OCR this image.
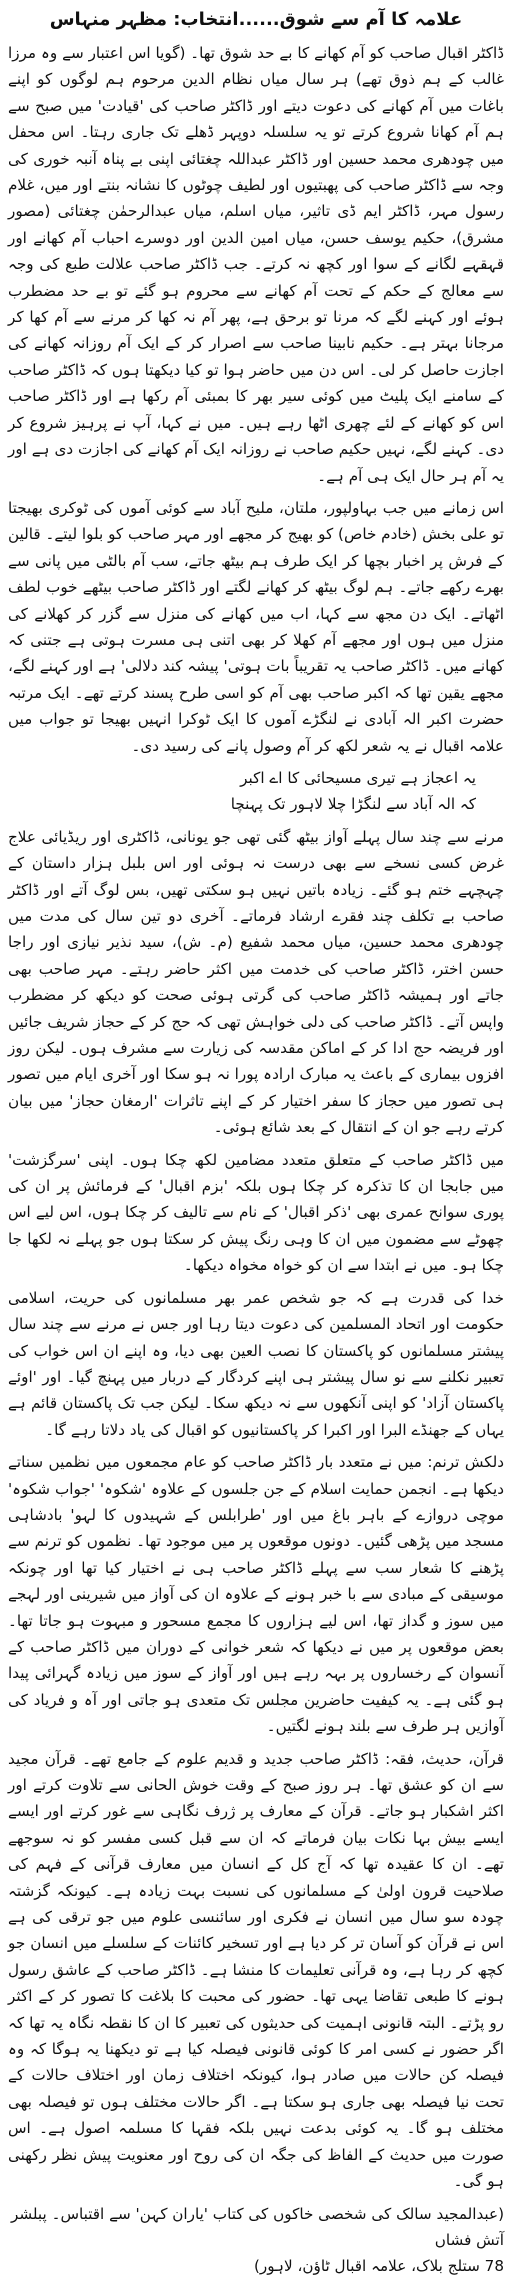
علامہ کا آم سے شوق......انتخاب: مظہر منہاس

ڈاکٹر اقبال صاحب کو آم کھانے کا بے حد شوق تھا۔ (گویا اس اعتبار سے وہ مرزا غالب کے ہم ذوق تھے) ہر سال میاں نظام الدین مرحوم ہم لوگوں کو اپنے باغات میں آم کھانے کی دعوت دیتے اور ڈاکٹر صاحب کی 'قیادت' میں صبح سے ہم آم کھانا شروع کرتے تو یہ سلسلہ دوپہر ڈھلے تک جاری رہتا۔ اس محفل میں چودھری محمد حسین اور ڈاکٹر عبداللہ چغتائی اپنی بے پناہ آنبہ خوری کی وجہ سے ڈاکٹر صاحب کی پھبتیوں اور لطیف چوٹوں کا نشانہ بنتے اور میں، غلام رسول مہر، ڈاکٹر ایم ڈی تاثیر، میاں اسلم، میاں عبدالرحمٰن چغتائی (مصور مشرق)، حکیم یوسف حسن، میاں امین الدین اور دوسرے احباب آم کھانے اور قہقہے لگانے کے سوا اور کچھ نہ کرتے۔ جب ڈاکٹر صاحب علالت طبع کی وجہ سے معالج کے حکم کے تحت آم کھانے سے محروم ہو گئے تو بے حد مضطرب ہوئے اور کہنے لگے کہ مرنا تو برحق ہے، پھر آم نہ کھا کر مرنے سے آم کھا کر مرجانا بہتر ہے۔ حکیم نابینا صاحب سے اصرار کر کے ایک آم روزانہ کھانے کی اجازت حاصل کر لی۔ اس دن میں حاضر ہوا تو کیا دیکھتا ہوں کہ ڈاکٹر صاحب کے سامنے ایک پلیٹ میں کوئی سیر بھر کا بمبئی آم رکھا ہے اور ڈاکٹر صاحب اس کو کھانے کے لئے چھری اٹھا رہے ہیں۔ میں نے کہا، آپ نے پرہیز شروع کر دی۔ کہنے لگے، نہیں حکیم صاحب نے روزانہ ایک آم کھانے کی اجازت دی ہے اور یہ آم ہر حال ایک ہی آم ہے۔

اس زمانے میں جب بہاولپور، ملتان، ملیح آباد سے کوئی آموں کی ٹوکری بھیجتا تو علی بخش (خادم خاص) کو بھیج کر مجھے اور مہر صاحب کو بلوا لیتے۔ قالین کے فرش پر اخبار بچھا کر ایک طرف ہم بیٹھ جاتے، سب آم بالٹی میں پانی سے بھرے رکھے جاتے۔ ہم لوگ بیٹھ کر کھانے لگتے اور ڈاکٹر صاحب بیٹھے خوب لطف اٹھاتے۔ ایک دن مجھ سے کہا، اب میں کھانے کی منزل سے گزر کر کھلانے کی منزل میں ہوں اور مجھے آم کھلا کر بھی اتنی ہی مسرت ہوتی ہے جتنی کہ کھانے میں۔ ڈاکٹر صاحب یہ تقریباً بات ہوتی' پیشہ کند دلالی' ہے اور کہنے لگے، مجھے یقین تھا کہ اکبر صاحب بھی آم کو اسی طرح پسند کرتے تھے۔ ایک مرتبہ حضرت اکبر الہ آبادی نے لنگڑے آموں کا ایک ٹوکرا انہیں بھیجا تو جواب میں علامہ اقبال نے یہ شعر لکھ کر آم وصول پانے کی رسید دی۔

یہ اعجاز ہے تیری مسیحائی کا اے اکبر
کہ الہ آباد سے لنگڑا چلا لاہور تک پہنچا

مرنے سے چند سال پہلے آواز بیٹھ گئی تھی جو یونانی، ڈاکٹری اور ریڈیائی علاج غرض کسی نسخے سے بھی درست نہ ہوئی اور اس بلبل ہزار داستان کے چہچہے ختم ہو گئے۔ زیادہ باتیں نہیں ہو سکتی تھیں، بس لوگ آتے اور ڈاکٹر صاحب بے تکلف چند فقرے ارشاد فرماتے۔ آخری دو تین سال کی مدت میں چودھری محمد حسین، میاں محمد شفیع (م۔ ش)، سید نذیر نیازی اور راجا حسن اختر، ڈاکٹر صاحب کی خدمت میں اکثر حاضر رہتے۔ مہر صاحب بھی جاتے اور ہمیشہ ڈاکٹر صاحب کی گرتی ہوئی صحت کو دیکھ کر مضطرب واپس آتے۔ ڈاکٹر صاحب کی دلی خواہش تھی کہ حج کر کے حجاز شریف جائیں اور فریضہ حج ادا کر کے اماکن مقدسہ کی زیارت سے مشرف ہوں۔ لیکن روز افزوں بیماری کے باعث یہ مبارک ارادہ پورا نہ ہو سکا اور آخری ایام میں تصور ہی تصور میں حجاز کا سفر اختیار کر کے اپنے تاثرات 'ارمغان حجاز' میں بیان کرتے رہے جو ان کے انتقال کے بعد شائع ہوئی۔

میں ڈاکٹر صاحب کے متعلق متعدد مضامین لکھ چکا ہوں۔ اپنی 'سرگزشت' میں جابجا ان کا تذکرہ کر چکا ہوں بلکہ 'بزم اقبال' کے فرمائش پر ان کی پوری سوانح عمری بھی 'ذکر اقبال' کے نام سے تالیف کر چکا ہوں، اس لیے اس چھوٹے سے مضمون میں ان کا وہی رنگ پیش کر سکتا ہوں جو پہلے نہ لکھا جا چکا ہو۔ میں نے ابتدا سے ان کو خواہ مخواہ دیکھا۔

خدا کی قدرت ہے کہ جو شخص عمر بھر مسلمانوں کی حریت، اسلامی حکومت اور اتحاد المسلمین کی دعوت دیتا رہا اور جس نے مرنے سے چند سال پیشتر مسلمانوں کو پاکستان کا نصب العین بھی دیا، وہ اپنے ان اس خواب کی تعبیر نکلنے سے نو سال پیشتر ہی اپنے کردگار کے دربار میں پہنچ گیا۔ اور 'اوئے پاکستان آزاد' کو اپنی آنکھوں سے نہ دیکھ سکا۔ لیکن جب تک پاکستان قائم ہے یہاں کے جھنڈے البرا اور اکبرا کر پاکستانیوں کو اقبال کی یاد دلاتا رہے گا۔

دلکش ترنم: میں نے متعدد بار ڈاکٹر صاحب کو عام مجمعوں میں نظمیں سناتے دیکھا ہے۔ انجمن حمایت اسلام کے جن جلسوں کے علاوہ 'شکوہ' 'جواب شکوہ' موچی دروازے کے باہر باغ میں اور 'طرابلس کے شہیدوں کا لہو' بادشاہی مسجد میں پڑھی گئیں۔ دونوں موقعوں پر میں موجود تھا۔ نظموں کو ترنم سے پڑھنے کا شعار سب سے پہلے ڈاکٹر صاحب ہی نے اختیار کیا تھا اور چونکہ موسیقی کے مبادی سے با خبر ہونے کے علاوہ ان کی آواز میں شیرینی اور لہجے میں سوز و گداز تھا، اس لیے ہزاروں کا مجمع مسحور و مبہوت ہو جاتا تھا۔ بعض موقعوں پر میں نے دیکھا کہ شعر خوانی کے دوران میں ڈاکٹر صاحب کے آنسوان کے رخساروں پر بہہ رہے ہیں اور آواز کے سوز میں زیادہ گہرائی پیدا ہو گئی ہے۔ یہ کیفیت حاضرین مجلس تک متعدی ہو جاتی اور آہ و فریاد کی آوازیں ہر طرف سے بلند ہونے لگتیں۔

قرآن، حدیث، فقہ: ڈاکٹر صاحب جدید و قدیم علوم کے جامع تھے۔ قرآن مجید سے ان کو عشق تھا۔ ہر روز صبح کے وقت خوش الحانی سے تلاوت کرتے اور اکثر اشکبار ہو جاتے۔ قرآن کے معارف پر ژرف نگاہی سے غور کرتے اور ایسے ایسے بیش بہا نکات بیان فرماتے کہ ان سے قبل کسی مفسر کو نہ سوجھے تھے۔ ان کا عقیدہ تھا کہ آج کل کے انسان میں معارف قرآنی کے فہم کی صلاحیت قرون اولیٰ کے مسلمانوں کی نسبت بہت زیادہ ہے۔ کیونکہ گزشتہ چودہ سو سال میں انسان نے فکری اور سائنسی علوم میں جو ترقی کی ہے اس نے قرآن کو آسان تر کر دیا ہے اور تسخیر کائنات کے سلسلے میں انسان جو کچھ کر رہا ہے، وہ قرآنی تعلیمات کا منشا ہے۔ ڈاکٹر صاحب کے عاشق رسول ہونے کا طبعی تقاضا یہی تھا۔ حضور کی محبت کا بلاغت کا تصور کر کے اکثر رو پڑتے۔ البتہ قانونی اہمیت کی حدیثوں کی تعبیر کا ان کا نقطہ نگاہ یہ تھا کہ اگر حضور نے کسی امر کا کوئی قانونی فیصلہ کیا ہے تو دیکھنا یہ ہوگا کہ وہ فیصلہ کن حالات میں صادر ہوا، کیونکہ اختلاف زمان اور اختلاف حالات کے تحت نیا فیصلہ بھی جاری ہو سکتا ہے۔ اگر حالات مختلف ہوں تو فیصلہ بھی مختلف ہو گا۔ یہ کوئی بدعت نہیں بلکہ فقہا کا مسلمہ اصول ہے۔ اس صورت میں حدیث کے الفاظ کی جگہ ان کی روح اور معنویت پیش نظر رکھنی ہو گی۔

(عبدالمجید سالک کی شخصی خاکوں کی کتاب 'یاران کہن' سے اقتباس۔ پبلشر آتش فشاں
78 ستلج بلاک، علامہ اقبال ٹاؤن، لاہور)
